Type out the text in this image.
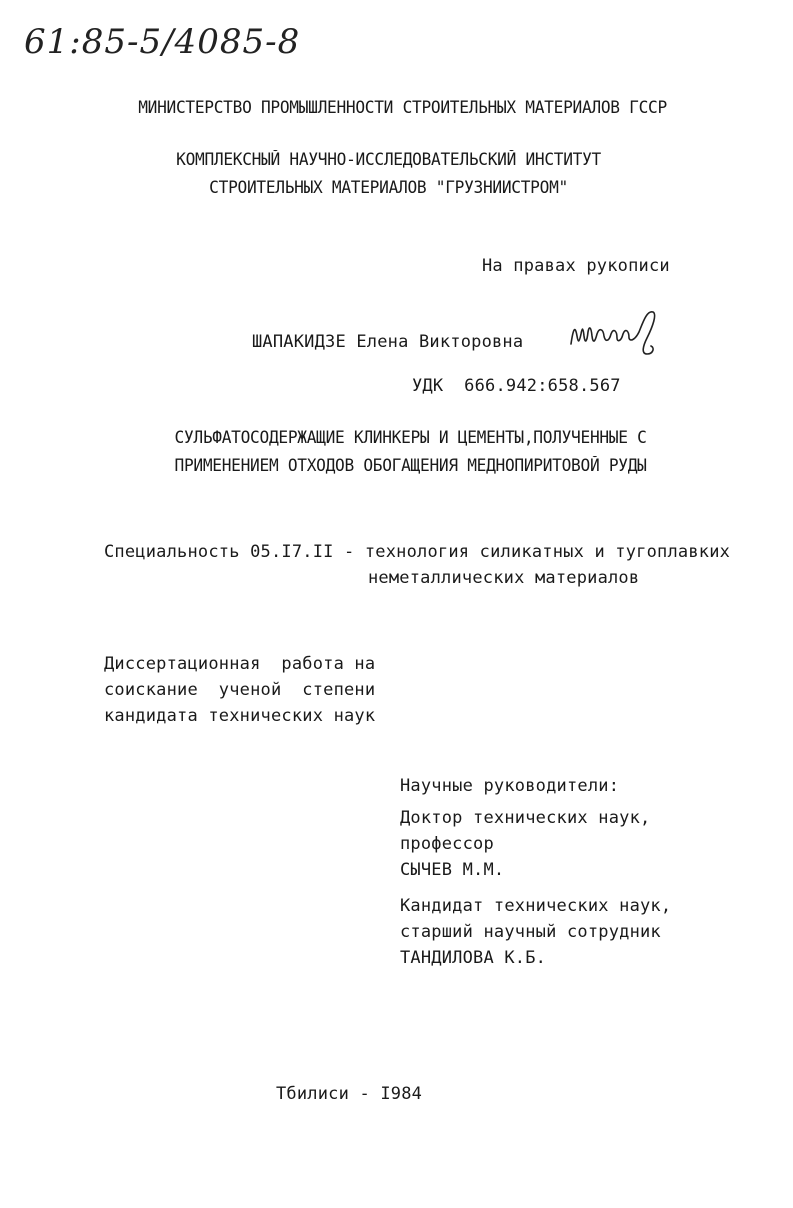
61:85-5/4085-8
МИНИСТЕРСТВО ПРОМЫШЛЕННОСТИ СТРОИТЕЛЬНЫХ МАТЕРИАЛОВ ГССР
КОМПЛЕКСНЫЙ НАУЧНО-ИССЛЕДОВАТЕЛЬСКИЙ ИНСТИТУТ
СТРОИТЕЛЬНЫХ МАТЕРИАЛОВ "ГРУЗНИИСТРОМ"
На правах рукописи
ШАПАКИДЗЕ Елена Викторовна
УДК  666.942:658.567
СУЛЬФАТОСОДЕРЖАЩИЕ КЛИНКЕРЫ И ЦЕМЕНТЫ,ПОЛУЧЕННЫЕ С
ПРИМЕНЕНИЕМ ОТХОДОВ ОБОГАЩЕНИЯ МЕДНОПИРИТОВОЙ РУДЫ
Специальность 05.I7.II - технология силикатных и тугоплавких
неметаллических материалов
Диссертационная  работа на
соискание  ученой  степени
кандидата технических наук
Научные руководители:
Доктор технических наук,
профессор
СЫЧЕВ М.М.
Кандидат технических наук,
старший научный сотрудник
ТАНДИЛОВА К.Б.
Тбилиси - I984
